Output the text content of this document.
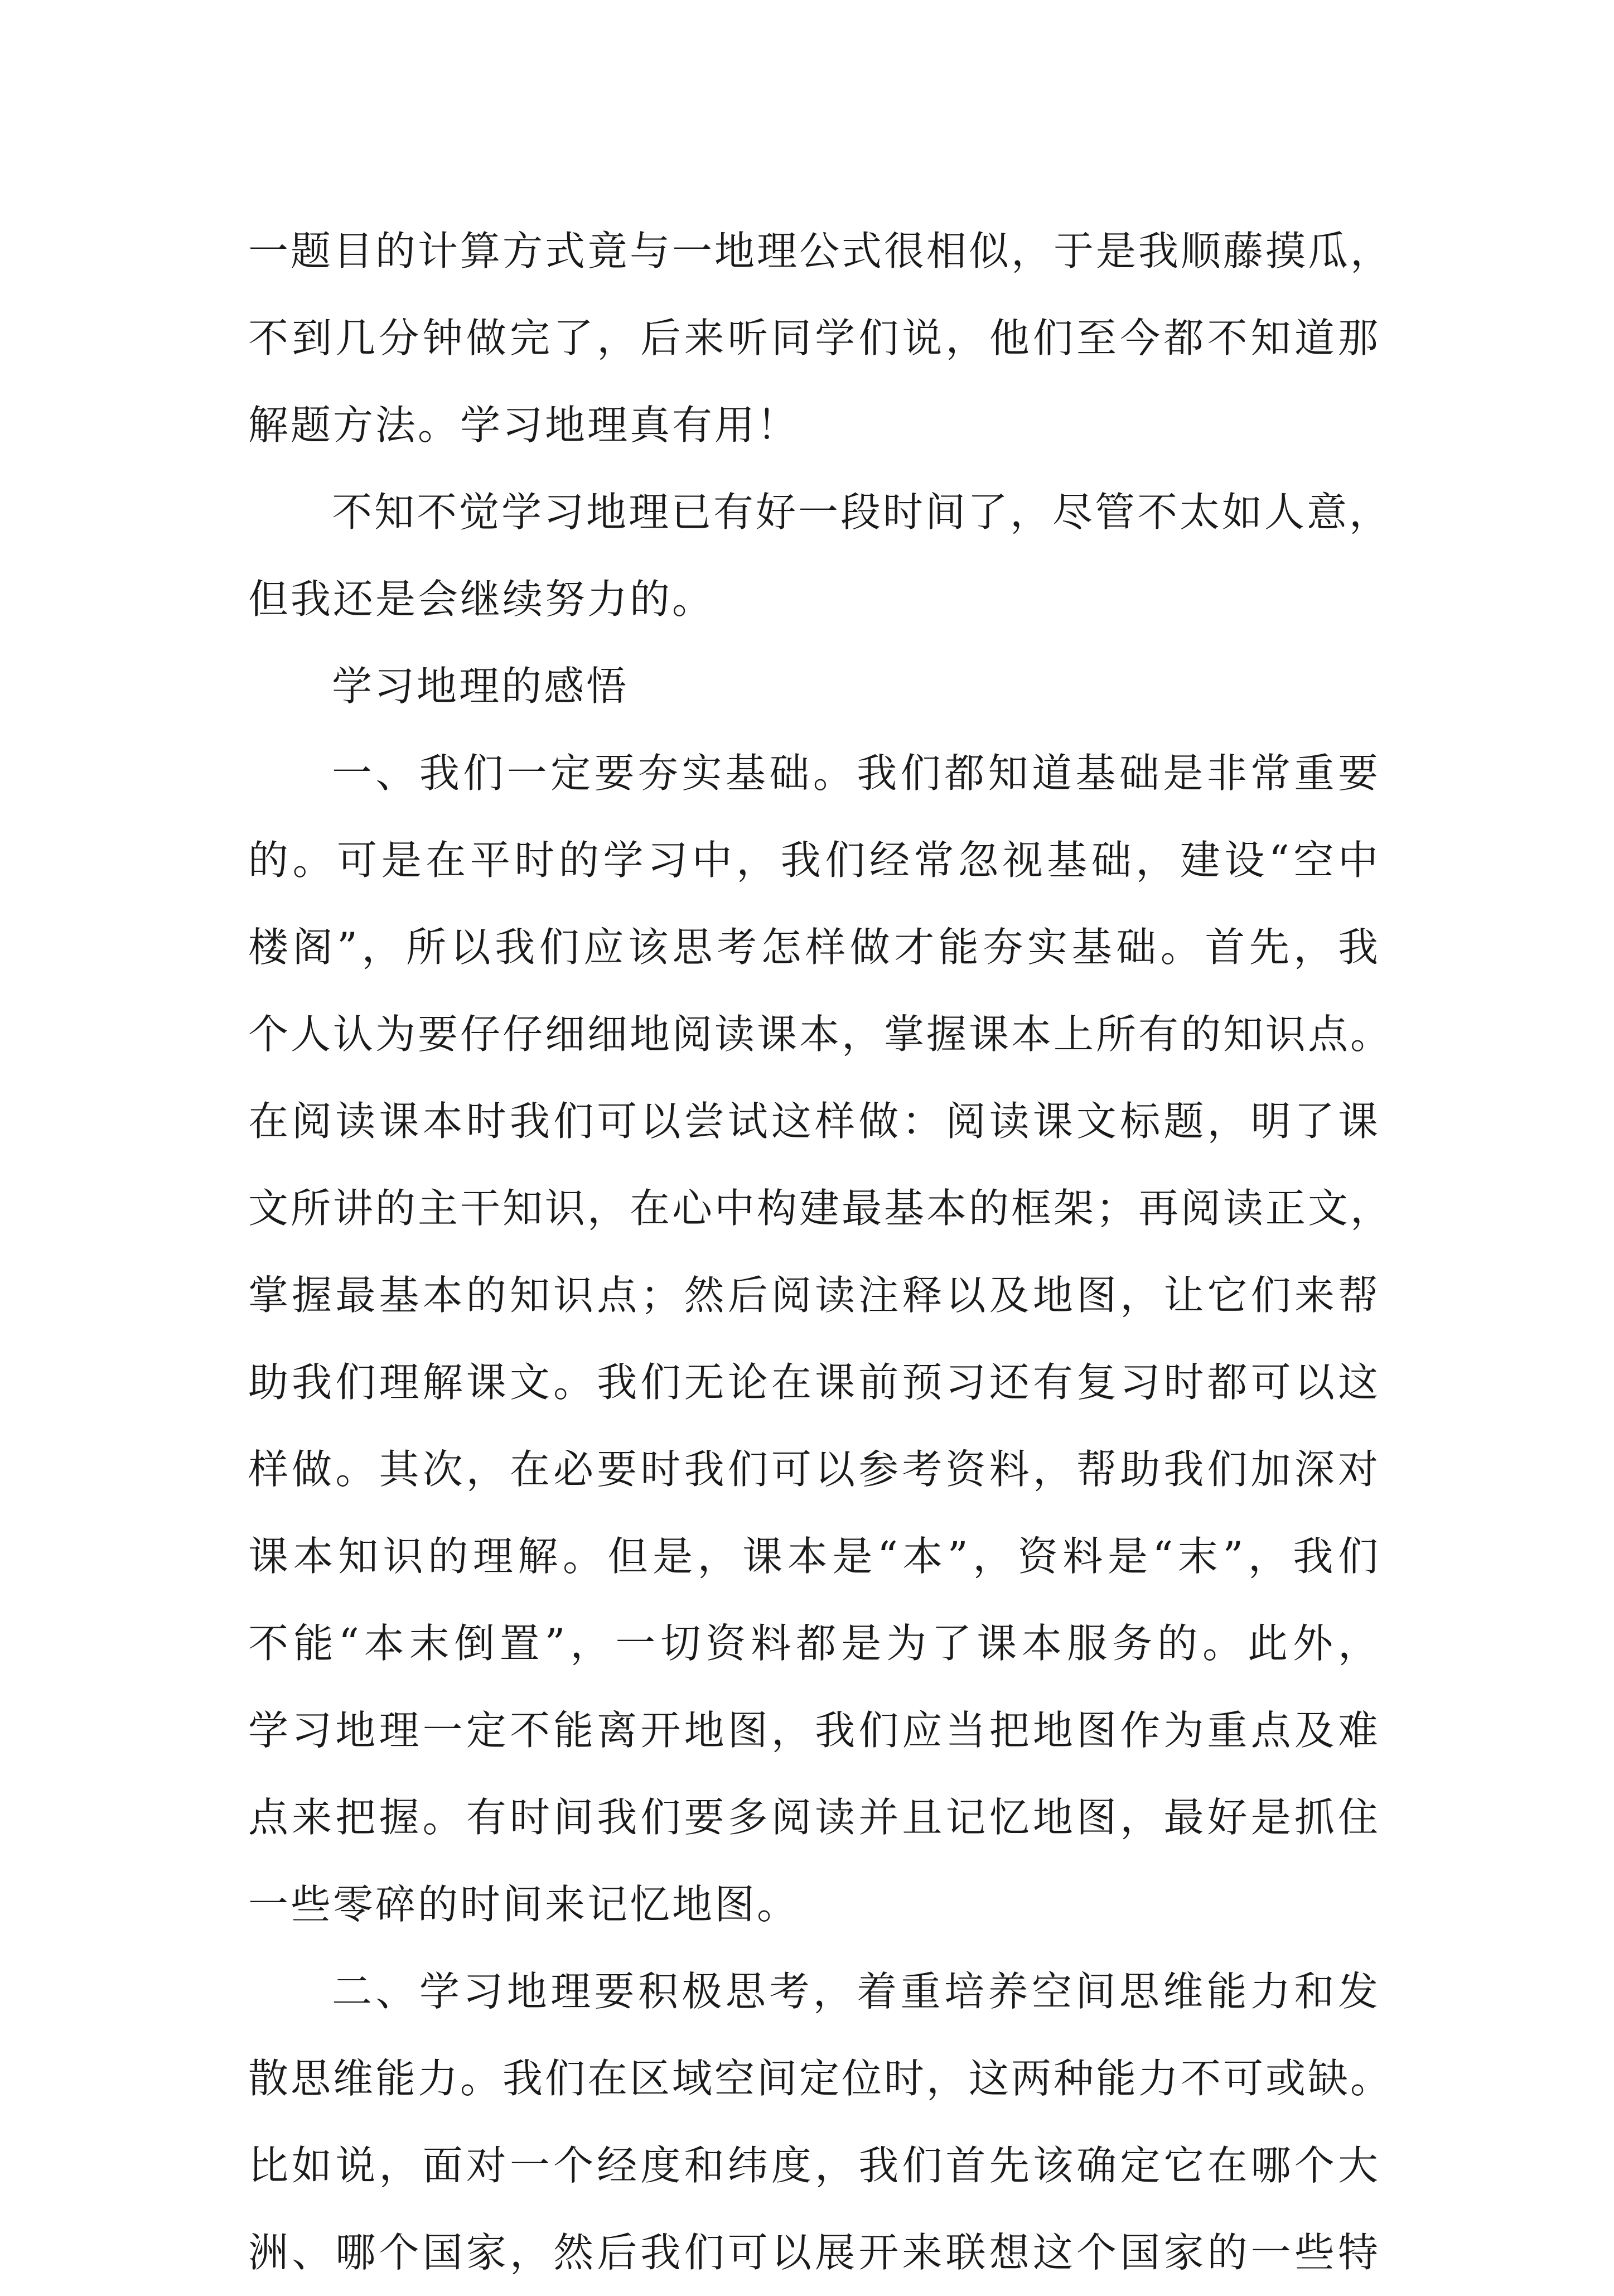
一题目的计算方式竟与一地理公式很相似，于是我顺藤摸瓜，
不到几分钟做完了，后来听同学们说，他们至今都不知道那
解题方法。学习地理真有用！
不知不觉学习地理已有好一段时间了，尽管不太如人意，
但我还是会继续努力的。
学习地理的感悟
一、我们一定要夯实基础。我们都知道基础是非常重要
的。可是在平时的学习中，我们经常忽视基础，建设“空中
楼阁”，所以我们应该思考怎样做才能夯实基础。首先，我
个人认为要仔仔细细地阅读课本，掌握课本上所有的知识点。
在阅读课本时我们可以尝试这样做：阅读课文标题，明了课
文所讲的主干知识，在心中构建最基本的框架；再阅读正文，
掌握最基本的知识点；然后阅读注释以及地图，让它们来帮
助我们理解课文。我们无论在课前预习还有复习时都可以这
样做。其次，在必要时我们可以参考资料，帮助我们加深对
课本知识的理解。但是，课本是“本”，资料是“末”，我们
不能“本末倒置”，一切资料都是为了课本服务的。此外，
学习地理一定不能离开地图，我们应当把地图作为重点及难
点来把握。有时间我们要多阅读并且记忆地图，最好是抓住
一些零碎的时间来记忆地图。
二、学习地理要积极思考，着重培养空间思维能力和发
散思维能力。我们在区域空间定位时，这两种能力不可或缺。
比如说，面对一个经度和纬度，我们首先该确定它在哪个大
洲、哪个国家，然后我们可以展开来联想这个国家的一些特
